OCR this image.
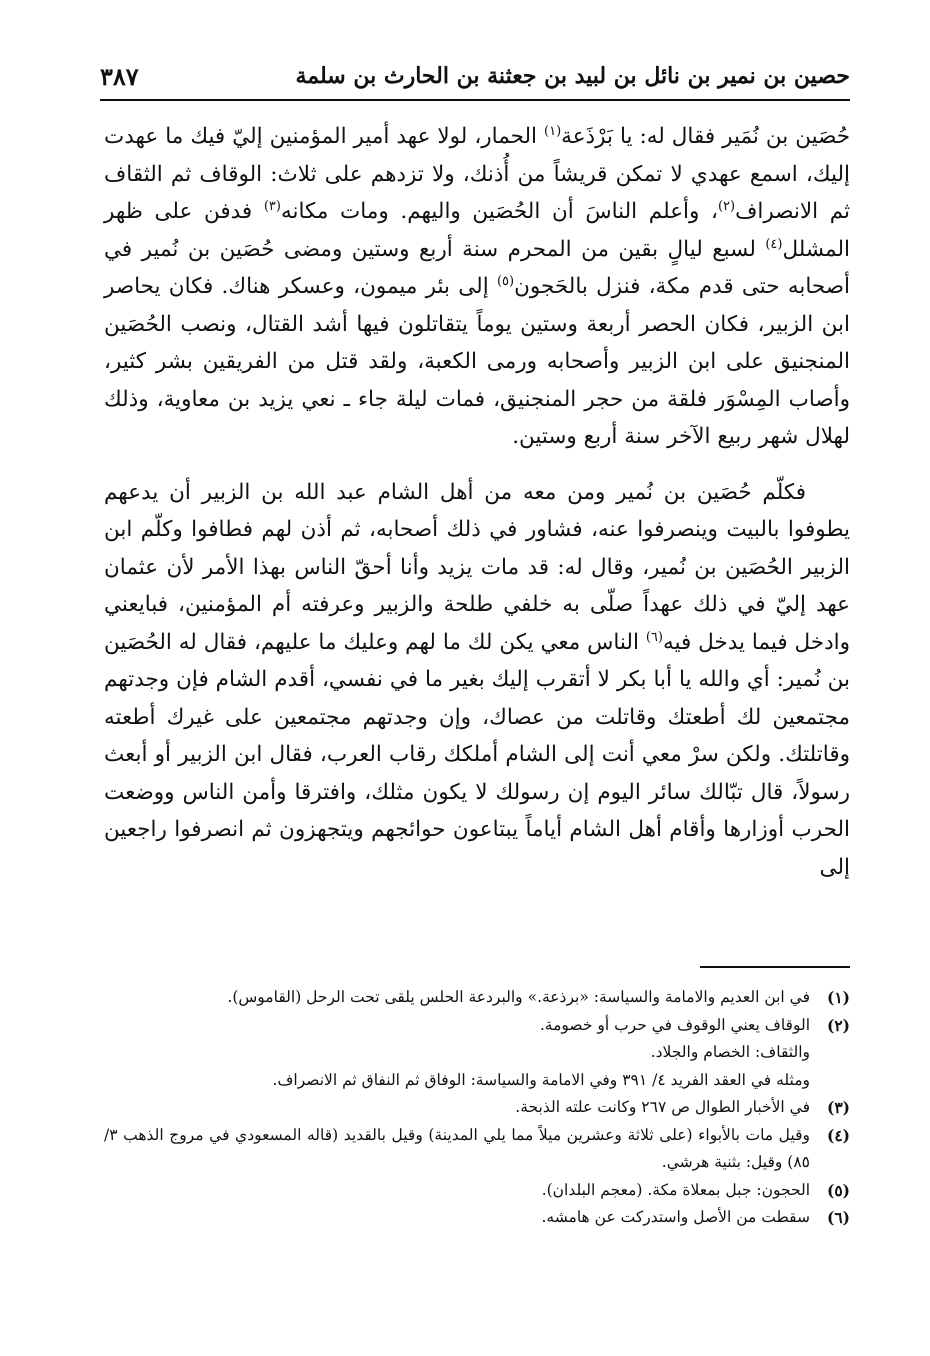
حصين بن نمير بن نائل بن لبيد بن جعثنة بن الحارث بن سلمة
٣٨٧

حُصَين بن نُمَير فقال له: يا بَرْذَعة$^{(١)}$ الحمار، لولا عهد أمير المؤمنين إليّ فيك ما عهدت إليك، اسمع عهدي لا تمكن قريشاً من أُذنك، ولا تزدهم على ثلاث: الوقاف ثم الثقاف ثم الانصراف$^{(٢)}$، وأعلم الناسَ أن الحُصَين واليهم. ومات مكانه$^{(٣)}$ فدفن على ظهر المشلل$^{(٤)}$ لسبع ليالٍ بقين من المحرم سنة أربع وستين ومضى حُصَين بن نُمير في أصحابه حتى قدم مكة، فنزل بالحَجون$^{(٥)}$ إلى بئر ميمون، وعسكر هناك. فكان يحاصر ابن الزبير، فكان الحصر أربعة وستين يوماً يتقاتلون فيها أشد القتال، ونصب الحُصَين المنجنيق على ابن الزبير وأصحابه ورمى الكعبة، ولقد قتل من الفريقين بشر كثير، وأصاب المِسْوَر فلقة من حجر المنجنيق، فمات ليلة جاء ـ نعي يزيد بن معاوية، وذلك لهلال شهر ربيع الآخر سنة أربع وستين.

فكلّم حُصَين بن نُمير ومن معه من أهل الشام عبد الله بن الزبير أن يدعهم يطوفوا بالبيت وينصرفوا عنه، فشاور في ذلك أصحابه، ثم أذن لهم فطافوا وكلّم ابن الزبير الحُصَين بن نُمير، وقال له: قد مات يزيد وأنا أحقّ الناس بهذا الأمر لأن عثمان عهد إليّ في ذلك عهداً صلّى به خلفي طلحة والزبير وعرفته أم المؤمنين، فبايعني وادخل فيما يدخل فيه$^{(٦)}$ الناس معي يكن لك ما لهم وعليك ما عليهم، فقال له الحُصَين بن نُمير: أي والله يا أبا بكر لا أتقرب إليك بغير ما في نفسي، أقدم الشام فإن وجدتهم مجتمعين لك أطعتك وقاتلت من عصاك، وإن وجدتهم مجتمعين على غيرك أطعته وقاتلتك. ولكن سرْ معي أنت إلى الشام أملكك رقاب العرب، فقال ابن الزبير أو أبعث رسولاً، قال تبّالك سائر اليوم إن رسولك لا يكون مثلك، وافترقا وأمن الناس ووضعت الحرب أوزارها وأقام أهل الشام أياماً يبتاعون حوائجهم ويتجهزون ثم انصرفوا راجعين إلى

(١)
في ابن العديم والامامة والسياسة: «برذعة.» والبردعة الحلس يلقى تحت الرحل (القاموس).
(٢)
الوقاف يعني الوقوف في حرب أو خصومة.
والثقاف: الخصام والجلاد.
ومثله في العقد الفريد ٤/ ٣٩١ وفي الامامة والسياسة: الوفاق ثم النفاق ثم الانصراف.
(٣)
في الأخبار الطوال ص ٢٦٧ وكانت علته الذبحة.
(٤)
وقيل مات بالأبواء (على ثلاثة وعشرين ميلاً مما يلي المدينة) وقيل بالقديد (قاله المسعودي في مروج الذهب ٣/ ٨٥) وقيل: بثنية هرشي.
(٥)
الحجون: جبل بمعلاة مكة. (معجم البلدان).
(٦)
سقطت من الأصل واستدركت عن هامشه.
